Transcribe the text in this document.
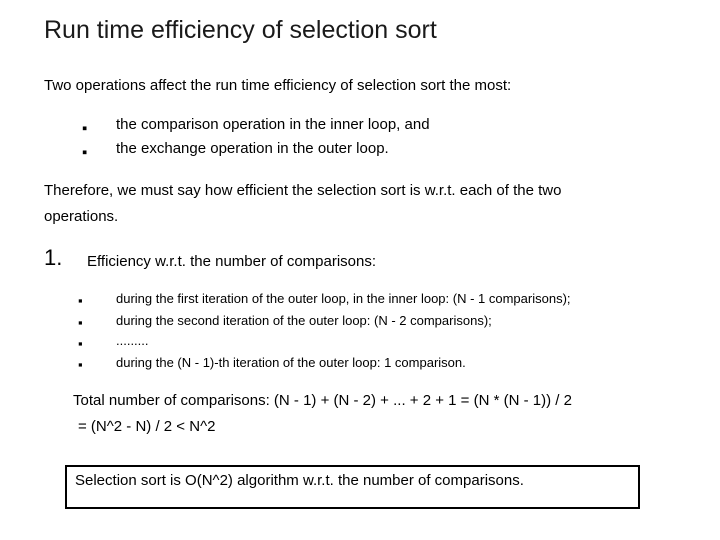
Run time efficiency of selection sort
Two operations affect the run time efficiency of selection sort the most:
▪ the comparison operation in the inner loop, and
▪ the exchange operation in the outer loop.
Therefore, we must say how efficient the selection sort is w.r.t. each of the two
operations.
1. Efficiency w.r.t. the number of comparisons:
▪	during the first iteration of the outer loop, in the inner loop: (N - 1 comparisons);
▪	during the second iteration of the outer loop: (N - 2 comparisons);
▪	.........
▪	during the (N - 1)-th iteration of the outer loop: 1 comparison.
Total number of comparisons: (N - 1) + (N - 2) + ... + 2 + 1 = (N * (N - 1)) / 2
= (N^2 - N) / 2 < N^2
Selection sort is O(N^2) algorithm w.r.t. the number of comparisons.
